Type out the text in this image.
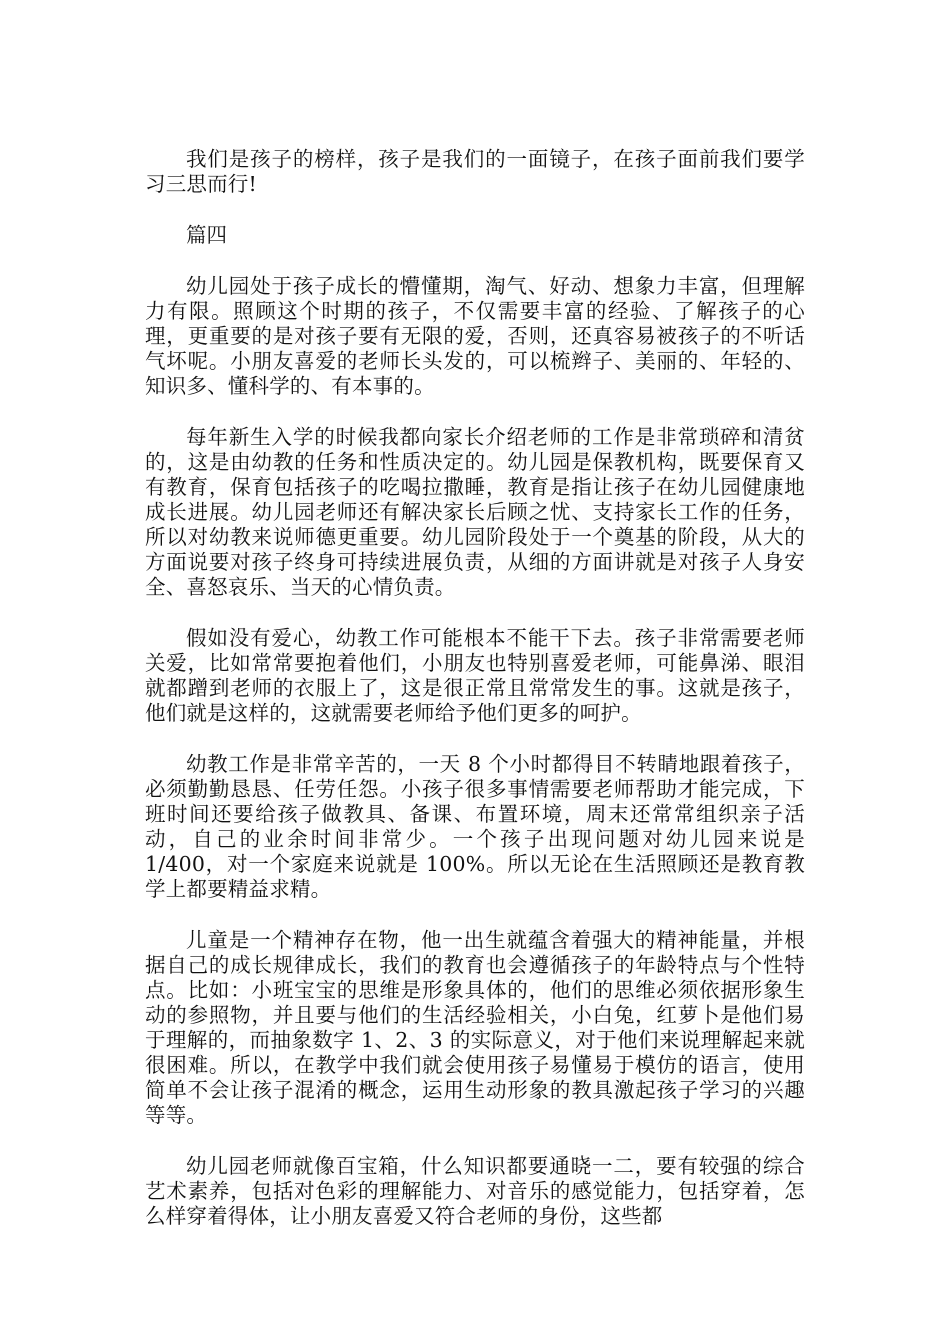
我们是孩子的榜样，孩子是我们的一面镜子，在孩子面前我们要学习三思而行!

篇四

幼儿园处于孩子成长的懵懂期，淘气、好动、想象力丰富，但理解力有限。照顾这个时期的孩子，不仅需要丰富的经验、了解孩子的心理，更重要的是对孩子要有无限的爱，否则，还真容易被孩子的不听话气坏呢。小朋友喜爱的老师长头发的，可以梳辫子、美丽的、年轻的、知识多、懂科学的、有本事的。

每年新生入学的时候我都向家长介绍老师的工作是非常琐碎和清贫的，这是由幼教的任务和性质决定的。幼儿园是保教机构，既要保育又有教育，保育包括孩子的吃喝拉撒睡，教育是指让孩子在幼儿园健康地成长进展。幼儿园老师还有解决家长后顾之忧、支持家长工作的任务，所以对幼教来说师德更重要。幼儿园阶段处于一个奠基的阶段，从大的方面说要对孩子终身可持续进展负责，从细的方面讲就是对孩子人身安全、喜怒哀乐、当天的心情负责。

假如没有爱心，幼教工作可能根本不能干下去。孩子非常需要老师关爱，比如常常要抱着他们，小朋友也特别喜爱老师，可能鼻涕、眼泪就都蹭到老师的衣服上了，这是很正常且常常发生的事。这就是孩子，他们就是这样的，这就需要老师给予他们更多的呵护。

幼教工作是非常辛苦的，一天 8 个小时都得目不转睛地跟着孩子，必须勤勤恳恳、任劳任怨。小孩子很多事情需要老师帮助才能完成，下班时间还要给孩子做教具、备课、布置环境，周末还常常组织亲子活动，自己的业余时间非常少。一个孩子出现问题对幼儿园来说是 1/400，对一个家庭来说就是 100%。所以无论在生活照顾还是教育教学上都要精益求精。

儿童是一个精神存在物，他一出生就蕴含着强大的精神能量，并根据自己的成长规律成长，我们的教育也会遵循孩子的年龄特点与个性特点。比如：小班宝宝的思维是形象具体的，他们的思维必须依据形象生动的参照物，并且要与他们的生活经验相关，小白兔，红萝卜是他们易于理解的，而抽象数字 1、2、3 的实际意义，对于他们来说理解起来就很困难。所以，在教学中我们就会使用孩子易懂易于模仿的语言，使用简单不会让孩子混淆的概念，运用生动形象的教具激起孩子学习的兴趣等等。

幼儿园老师就像百宝箱，什么知识都要通晓一二，要有较强的综合艺术素养，包括对色彩的理解能力、对音乐的感觉能力，包括穿着，怎么样穿着得体，让小朋友喜爱又符合老师的身份，这些都
